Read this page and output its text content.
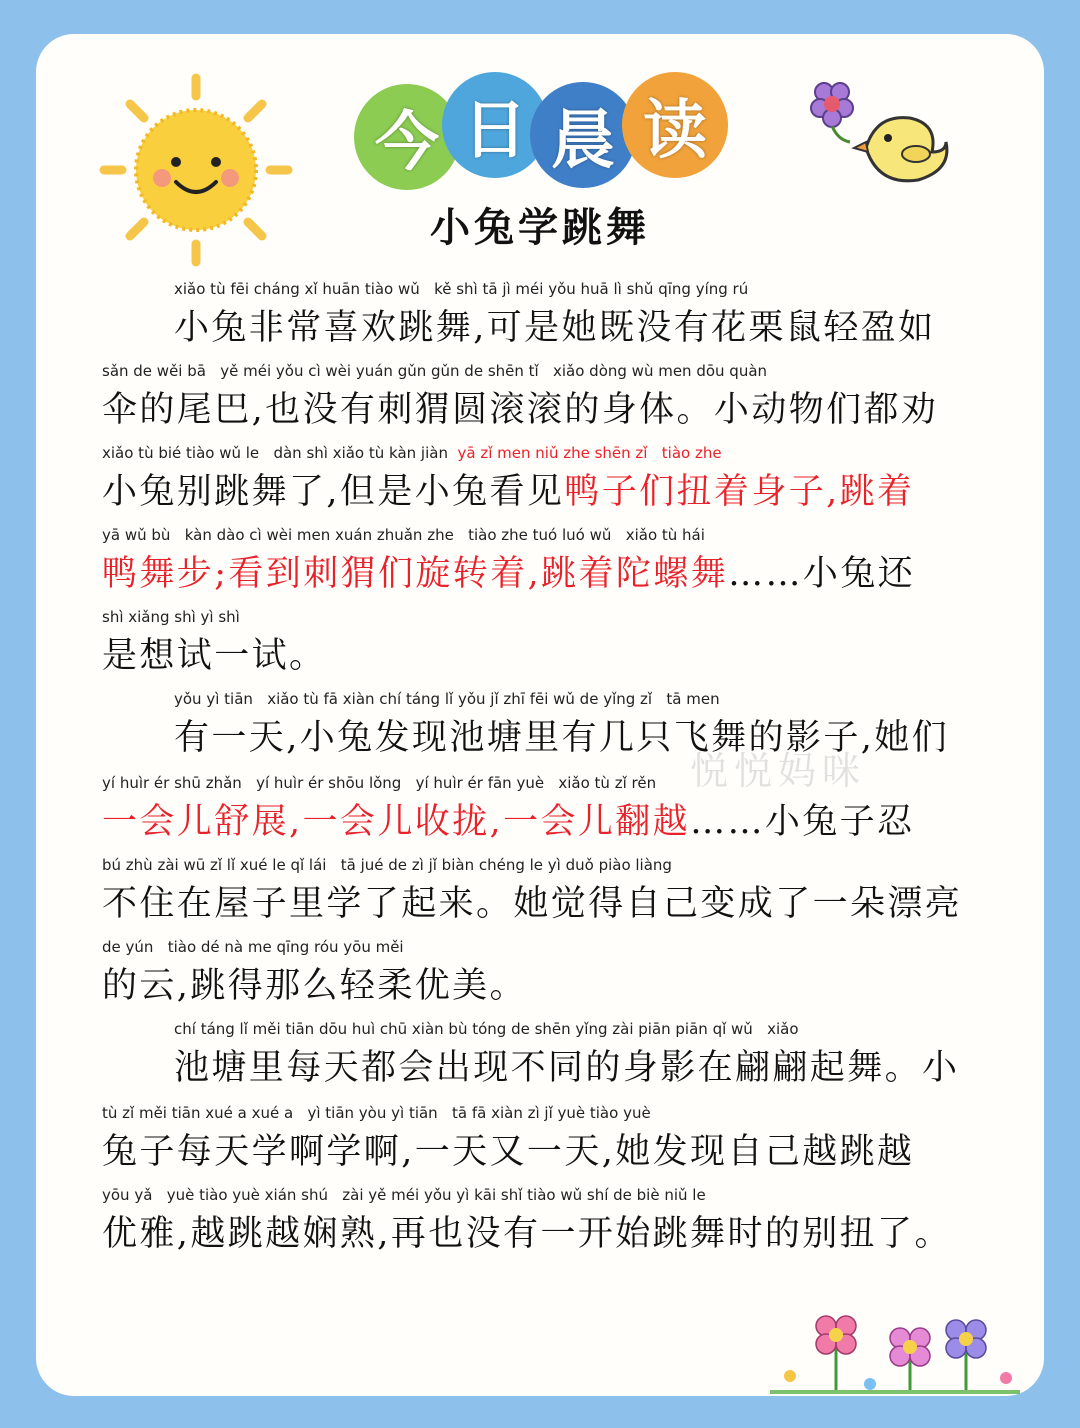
今 日 晨 读
小兔学跳舞
xiǎo tù fēi cháng xǐ huān tiào wǔ   kě shì tā jì méi yǒu huā lì shǔ qīng yíng rú
小兔非常喜欢跳舞,可是她既没有花栗鼠轻盈如
sǎn de wěi bā   yě méi yǒu cì wèi yuán gǔn gǔn de shēn tǐ   xiǎo dòng wù men dōu quàn
伞的尾巴,也没有刺猬圆滚滚的身体。小动物们都劝
xiǎo tù bié tiào wǔ le   dàn shì xiǎo tù kàn jiàn yā zǐ men niǔ zhe shēn zǐ   tiào zhe
小兔别跳舞了,但是小兔看见鸭子们扭着身子,跳着
yā wǔ bù   kàn dào cì wèi men xuán zhuǎn zhe   tiào zhe tuó luó wǔ   xiǎo tù hái
鸭舞步;看到刺猬们旋转着,跳着陀螺舞……小兔还
shì xiǎng shì yì shì
是想试一试。
yǒu yì tiān   xiǎo tù fā xiàn chí táng lǐ yǒu jǐ zhī fēi wǔ de yǐng zǐ   tā men
有一天,小兔发现池塘里有几只飞舞的影子,她们
悦悦妈咪
yí huìr ér shū zhǎn   yí huìr ér shōu lǒng   yí huìr ér fān yuè   xiǎo tù zǐ rěn
一会儿舒展,一会儿收拢,一会儿翻越……小兔子忍
bú zhù zài wū zǐ lǐ xué le qǐ lái   tā jué de zì jǐ biàn chéng le yì duǒ piào liàng
不住在屋子里学了起来。她觉得自己变成了一朵漂亮
de yún   tiào dé nà me qīng róu yōu měi
的云,跳得那么轻柔优美。
chí táng lǐ měi tiān dōu huì chū xiàn bù tóng de shēn yǐng zài piān piān qǐ wǔ   xiǎo
池塘里每天都会出现不同的身影在翩翩起舞。小
tù zǐ měi tiān xué a xué a   yì tiān yòu yì tiān   tā fā xiàn zì jǐ yuè tiào yuè
兔子每天学啊学啊,一天又一天,她发现自己越跳越
yōu yǎ   yuè tiào yuè xián shú   zài yě méi yǒu yì kāi shǐ tiào wǔ shí de biè niǔ le
优雅,越跳越娴熟,再也没有一开始跳舞时的别扭了。
